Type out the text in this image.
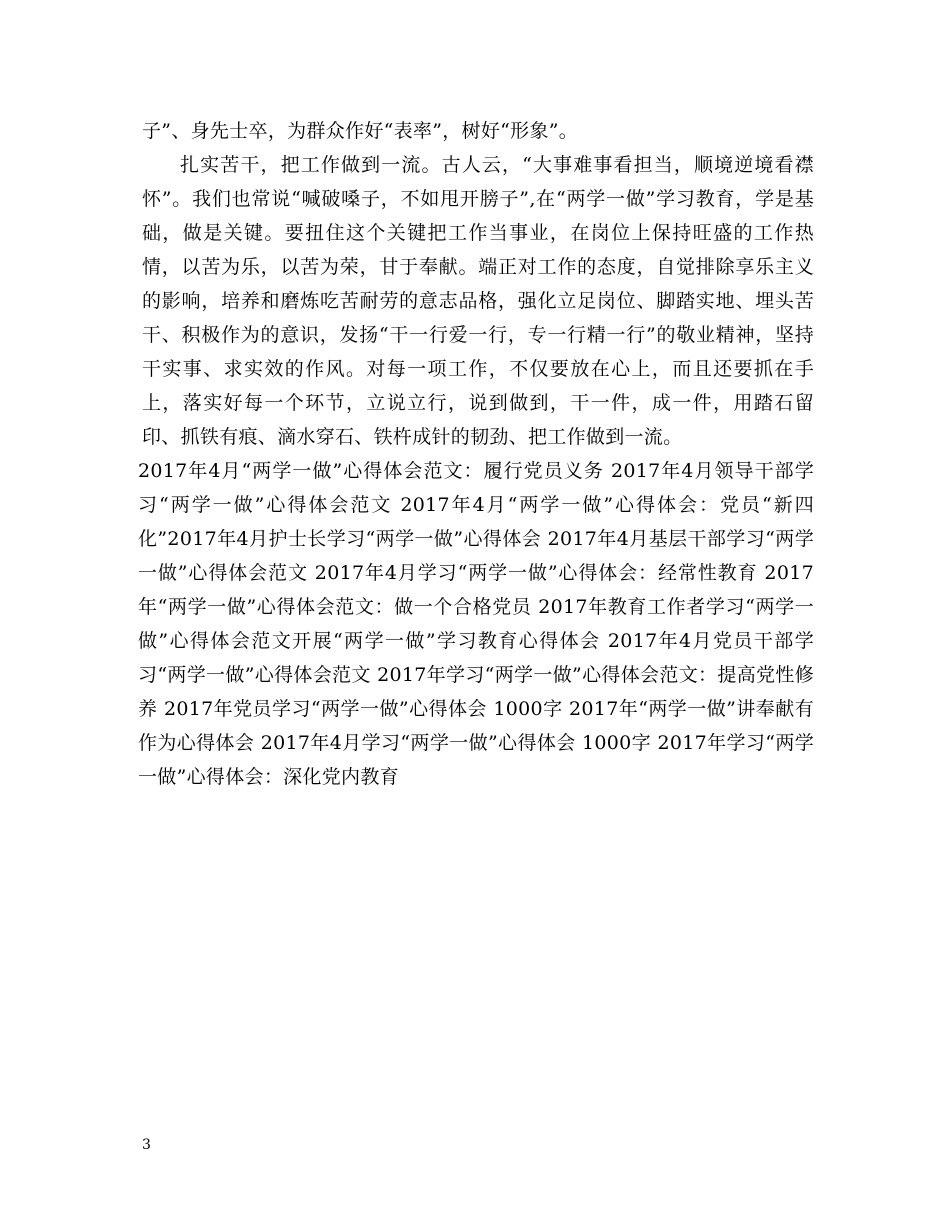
子”、身先士卒，为群众作好“表率”，树好“形象”。

扎实苦干，把工作做到一流。古人云，“大事难事看担当，顺境逆境看襟怀”。我们也常说“喊破嗓子，不如甩开膀子”,在“两学一做”学习教育，学是基础，做是关键。要扭住这个关键把工作当事业，在岗位上保持旺盛的工作热情，以苦为乐，以苦为荣，甘于奉献。端正对工作的态度，自觉排除享乐主义的影响，培养和磨炼吃苦耐劳的意志品格，强化立足岗位、脚踏实地、埋头苦干、积极作为的意识，发扬“干一行爱一行，专一行精一行”的敬业精神，坚持干实事、求实效的作风。对每一项工作，不仅要放在心上，而且还要抓在手上，落实好每一个环节，立说立行，说到做到，干一件，成一件，用踏石留印、抓铁有痕、滴水穿石、铁杵成针的韧劲、把工作做到一流。

2017年4月“两学一做”心得体会范文：履行党员义务 2017年4月领导干部学习“两学一做”心得体会范文 2017年4月“两学一做”心得体会：党员“新四化”2017年4月护士长学习“两学一做”心得体会 2017年4月基层干部学习“两学一做”心得体会范文 2017年4月学习“两学一做”心得体会：经常性教育 2017年“两学一做”心得体会范文：做一个合格党员 2017年教育工作者学习“两学一做”心得体会范文开展“两学一做”学习教育心得体会 2017年4月党员干部学习“两学一做”心得体会范文 2017年学习“两学一做”心得体会范文：提高党性修养 2017年党员学习“两学一做”心得体会 1000字 2017年“两学一做”讲奉献有作为心得体会 2017年4月学习“两学一做”心得体会 1000字 2017年学习“两学一做”心得体会：深化党内教育

3
